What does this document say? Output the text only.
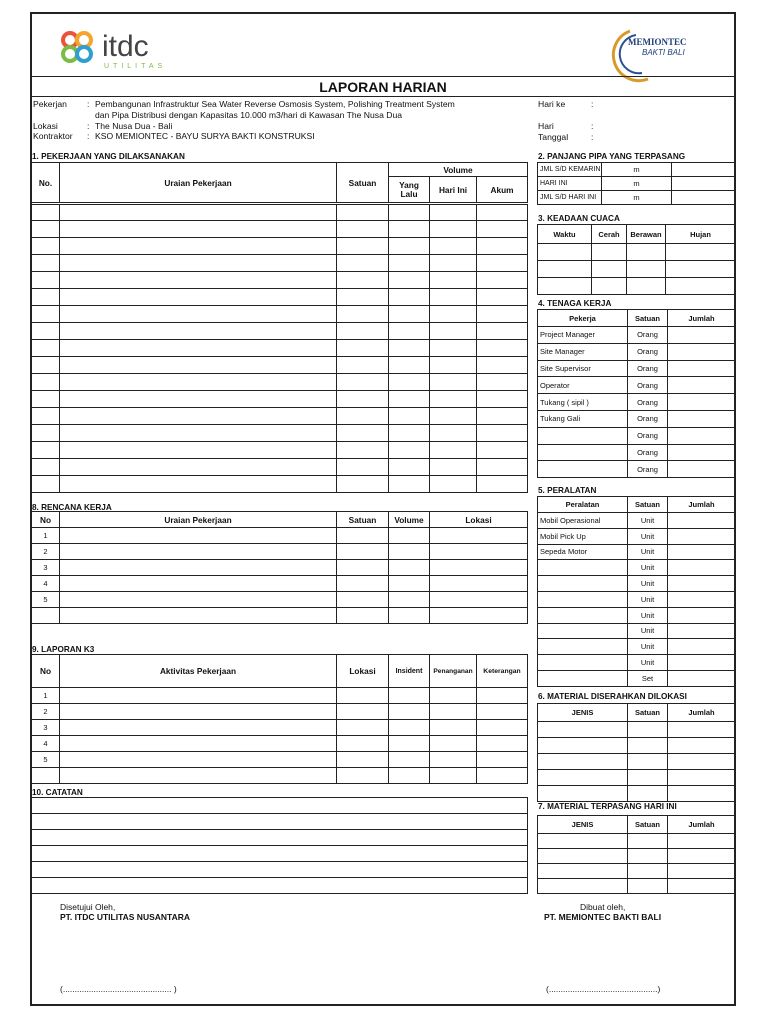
itdc
UTILITAS
MEMIONTEC
BAKTI BALI
LAPORAN HARIAN
Pekerjan : Pembangunan Infrastruktur Sea Water Reverse Osmosis System, Polishing Treatment System
dan Pipa Distribusi dengan Kapasitas 10.000 m3/hari di Kawasan The Nusa Dua
Lokasi	: The Nusa Dua - Bali
Kontraktor : KSO MEMIONTEC - BAYU SURYA BAKTI KONSTRUKSI
Hari ke	:
Hari	:
Tanggal	:
1. PEKERJAAN YANG DILAKSANAKAN
No.	Uraian Pekerjaan	Satuan	Volume		
			Yang Lalu	Hari Ini	Akum

8. RENCANA KERJA
No	Uraian Pekerjaan	Satuan	Volume	Lokasi
1				
2				
3				
4				
5				

9. LAPORAN K3
No	Aktivitas Pekerjaan	Lokasi	Insident	Penanganan	Keterangan
1					
2					
3					
4					
5					

10. CATATAN

2. PANJANG PIPA YANG TERPASANG
JML S/D KEMARIN	m	
HARI INI	m	
JML S/D HARI INI	m	
3. KEADAAN CUACA
Waktu	Cerah	Berawan	Hujan

4. TENAGA KERJA
Pekerja	Satuan	Jumlah
Project Manager	Orang	
Site Manager	Orang	
Site Supervisor	Orang	
Operator	Orang	
Tukang ( sipil )	Orang	
Tukang Gali	Orang	
	Orang	
	Orang	
	Orang	
5. PERALATAN
Peralatan	Satuan	Jumlah
Mobil Operasional	Unit	
Mobil Pick Up	Unit	
Sepeda Motor	Unit	
	Unit	
	Unit	
	Unit	
	Unit	
	Unit	
	Unit	
	Unit	
	Set	
6. MATERIAL DISERAHKAN DILOKASI
JENIS	Satuan	Jumlah

7. MATERIAL TERPASANG HARI INI
JENIS	Satuan	Jumlah

Disetujui Oleh,
PT. ITDC UTILITAS NUSANTARA
(.............................................. )
Dibuat oleh,
PT. MEMIONTEC BAKTI BALI
(..............................................)
